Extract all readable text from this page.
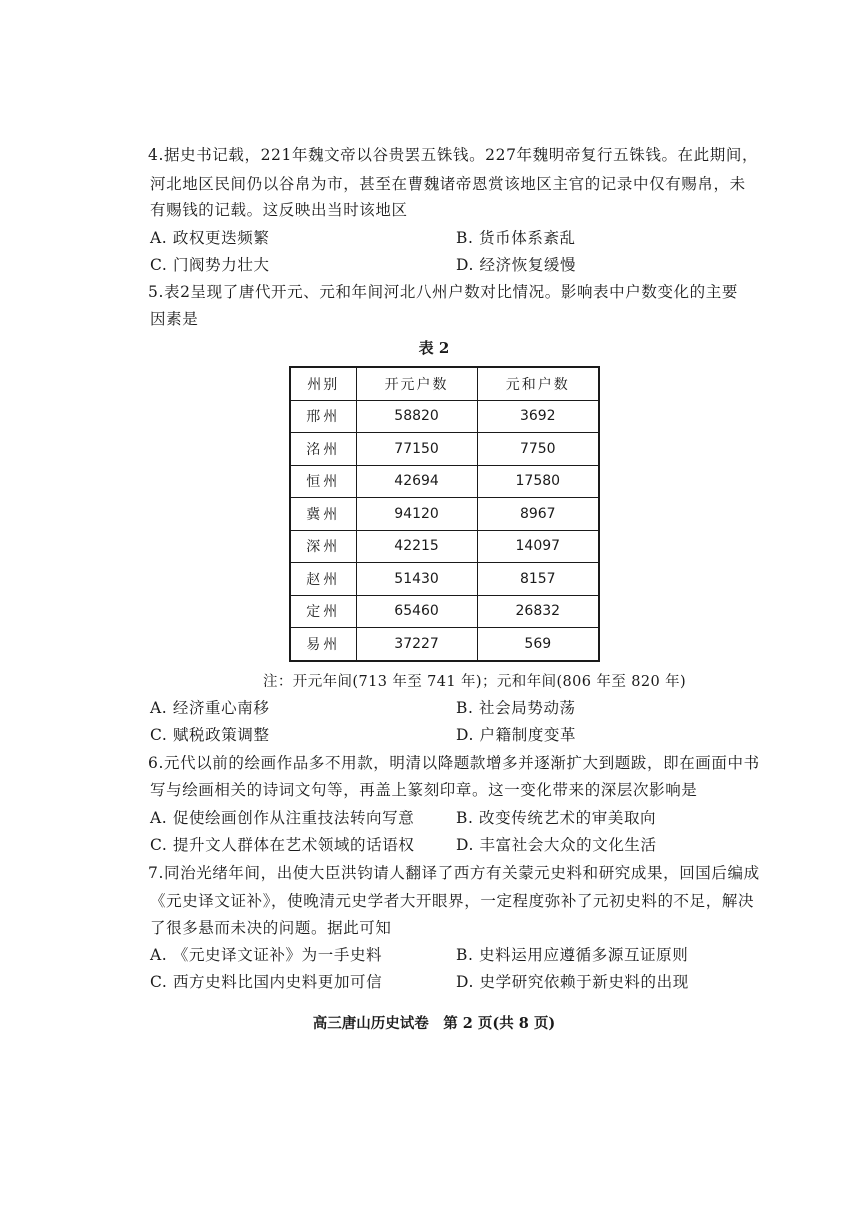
4.据史书记载，221年魏文帝以谷贵罢五铢钱。227年魏明帝复行五铢钱。在此期间，
河北地区民间仍以谷帛为市，甚至在曹魏诸帝恩赏该地区主官的记录中仅有赐帛，未
有赐钱的记载。这反映出当时该地区
A. 政权更迭频繁	B. 货币体系紊乱
C. 门阀势力壮大	D. 经济恢复缓慢
5.表2呈现了唐代开元、元和年间河北八州户数对比情况。影响表中户数变化的主要
因素是
表 2
州别	开元户数	元和户数
邢州	58820	3692
洺州	77150	7750
恒州	42694	17580
冀州	94120	8967
深州	42215	14097
赵州	51430	8157
定州	65460	26832
易州	37227	569
注：开元年间(713 年至 741 年)；元和年间(806 年至 820 年)
A. 经济重心南移	B. 社会局势动荡
C. 赋税政策调整	D. 户籍制度变革
6.元代以前的绘画作品多不用款，明清以降题款增多并逐渐扩大到题跋，即在画面中书
写与绘画相关的诗词文句等，再盖上篆刻印章。这一变化带来的深层次影响是
A. 促使绘画创作从注重技法转向写意	B. 改变传统艺术的审美取向
C. 提升文人群体在艺术领域的话语权	D. 丰富社会大众的文化生活
7.同治光绪年间，出使大臣洪钧请人翻译了西方有关蒙元史料和研究成果，回国后编成
《元史译文证补》，使晚清元史学者大开眼界，一定程度弥补了元初史料的不足，解决
了很多悬而未决的问题。据此可知
A. 《元史译文证补》为一手史料	B. 史料运用应遵循多源互证原则
C. 西方史料比国内史料更加可信	D. 史学研究依赖于新史料的出现
高三唐山历史试卷　第 2 页(共 8 页)
